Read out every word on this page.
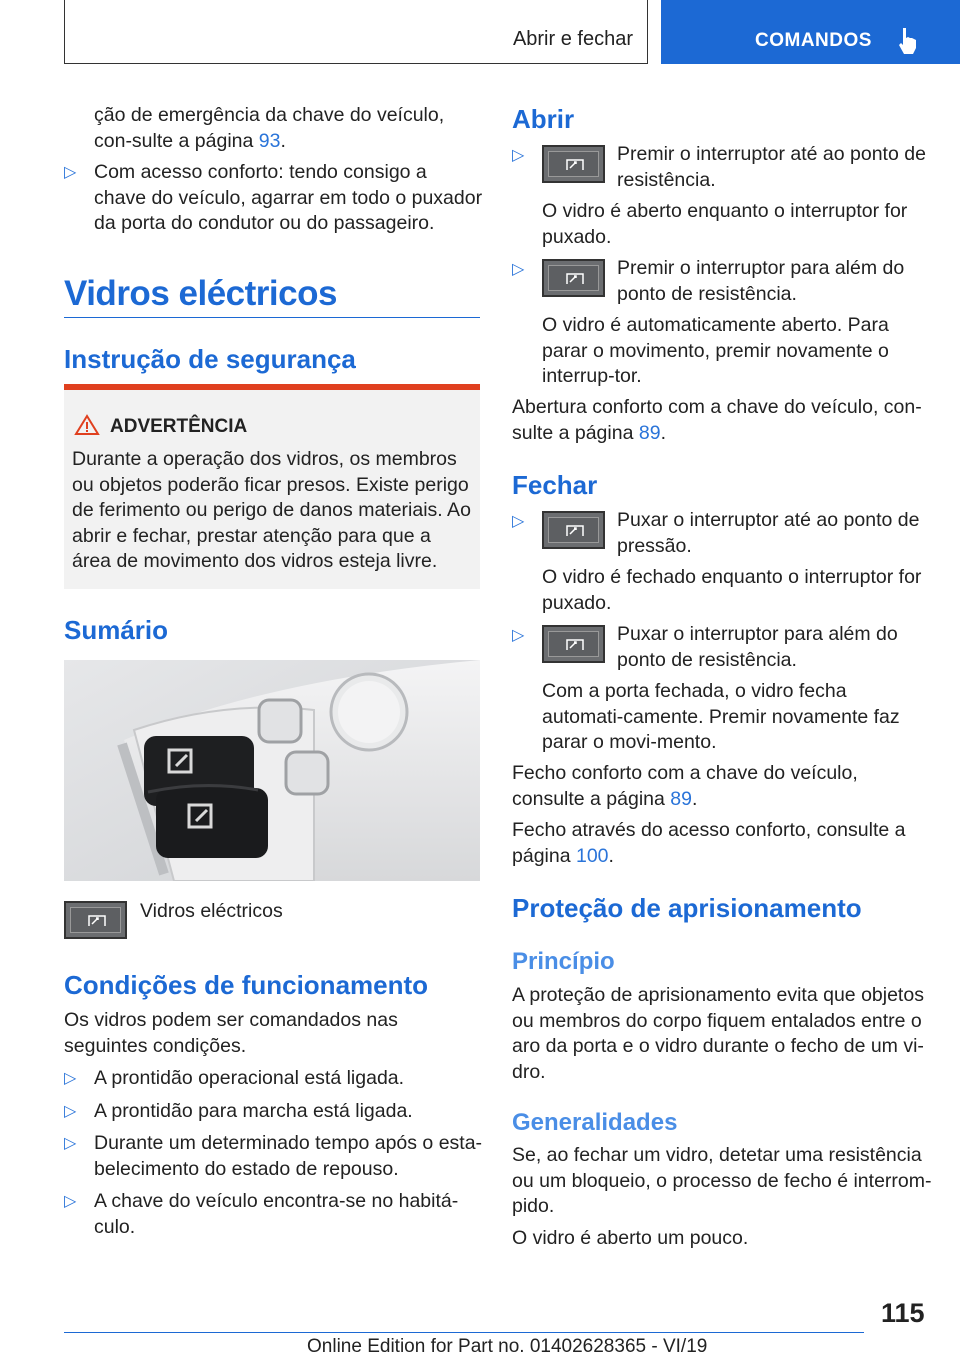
Abrir e fechar	COMANDOS
ção de emergência da chave do veículo, con‐sulte a página 93.
▷ Com acesso conforto: tendo consigo a chave do veículo, agarrar em todo o puxador da porta do condutor ou do passageiro.
Vidros eléctricos
Instrução de segurança
ADVERTÊNCIA
Durante a operação dos vidros, os membros ou objetos poderão ficar presos. Existe perigo de ferimento ou perigo de danos materiais. Ao abrir e fechar, prestar atenção para que a área de movimento dos vidros esteja livre.
Sumário
Vidros eléctricos
Condições de funcionamento
Os vidros podem ser comandados nas seguintes condições.
▷ A prontidão operacional está ligada.
▷ A prontidão para marcha está ligada.
▷ Durante um determinado tempo após o esta‐belecimento do estado de repouso.
▷ A chave do veículo encontra-se no habitá‐culo.
Abrir
▷	Premir o interruptor até ao ponto de resistência.
O vidro é aberto enquanto o interruptor for puxado.
▷	Premir o interruptor para além do ponto de resistência.
O vidro é automaticamente aberto. Para parar o movimento, premir novamente o interrup‐tor.
Abertura conforto com a chave do veículo, con‐sulte a página 89.
Fechar
▷	Puxar o interruptor até ao ponto de pressão.
O vidro é fechado enquanto o interruptor for puxado.
▷	Puxar o interruptor para além do ponto de resistência.
Com a porta fechada, o vidro fecha automati‐camente. Premir novamente faz parar o movi‐mento.
Fecho conforto com a chave do veículo, consulte a página 89.
Fecho através do acesso conforto, consulte a página 100.
Proteção de aprisionamento
Princípio
A proteção de aprisionamento evita que objetos ou membros do corpo fiquem entalados entre o aro da porta e o vidro durante o fecho de um vi‐dro.
Generalidades
Se, ao fechar um vidro, detetar uma resistência ou um bloqueio, o processo de fecho é interrom‐pido.
O vidro é aberto um pouco.
115
Online Edition for Part no. 01402628365 - VI/19
